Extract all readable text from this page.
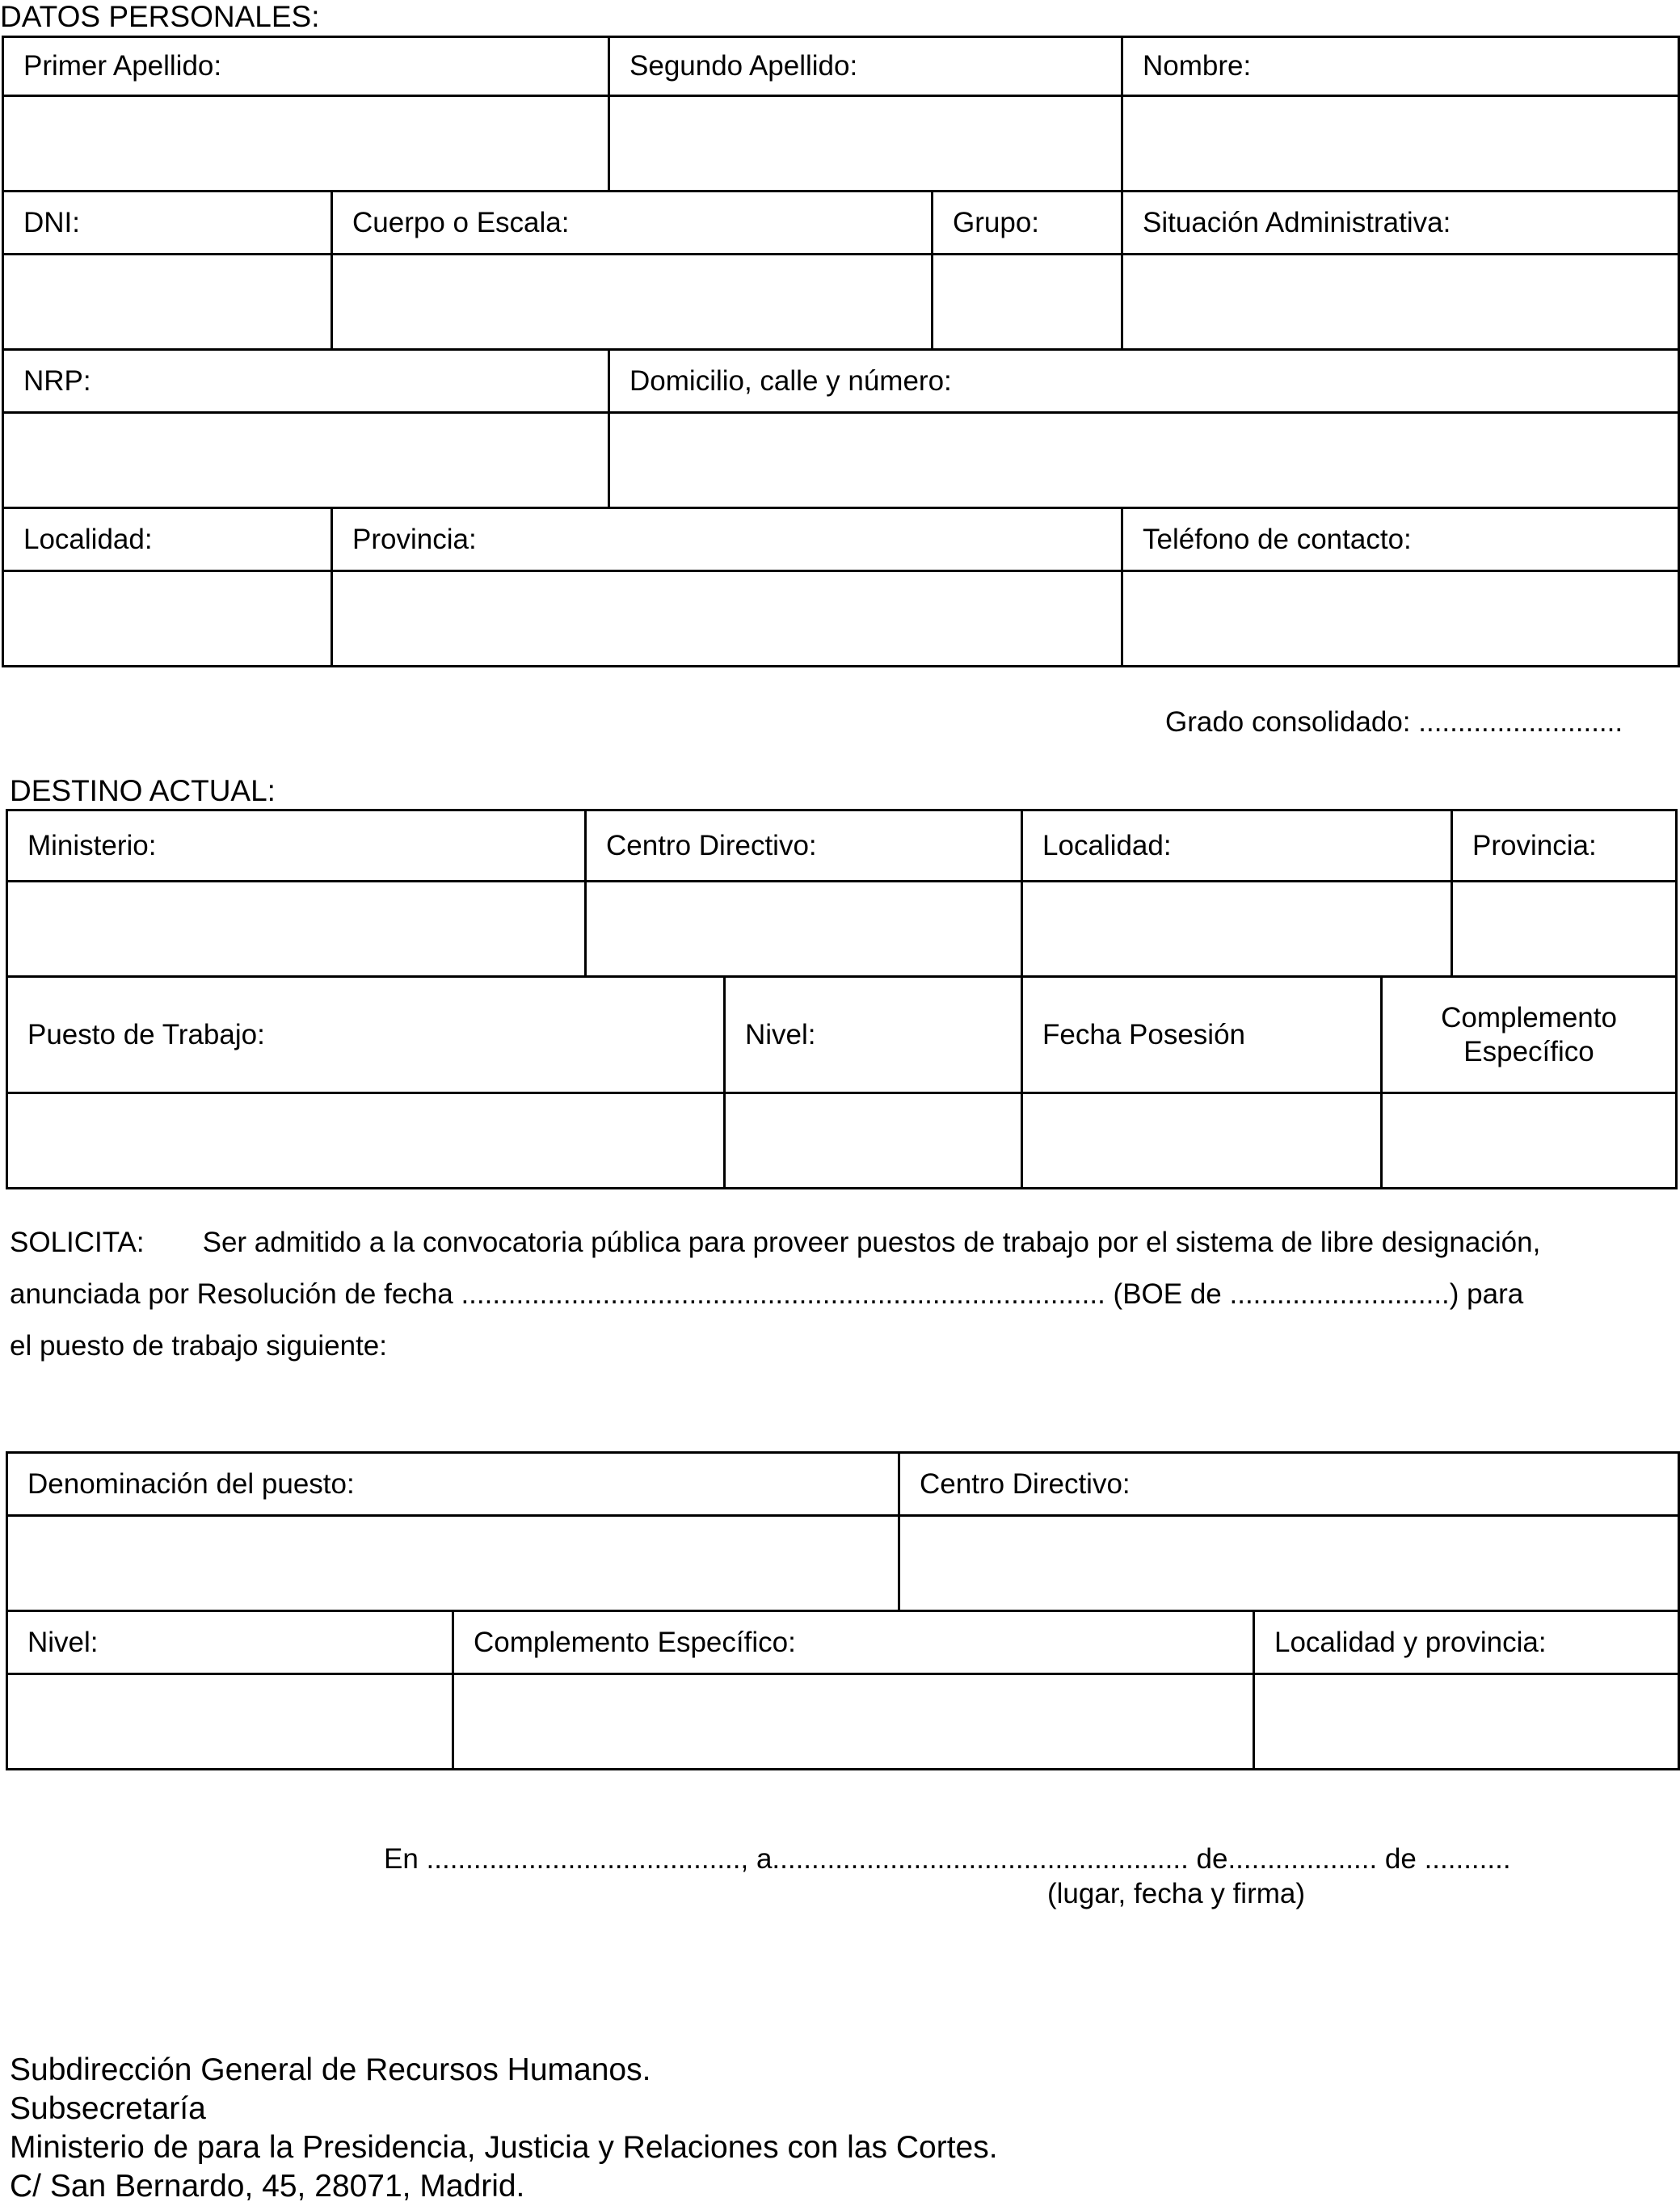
DATOS PERSONALES:
Primer Apellido:		Segundo Apellido:		Nombre:

DNI:	Cuerpo o Escala:		Grupo:	Situación Administrativa:

NRP:		Domicilio, calle y número:		

Localidad:	Provincia:			Teléfono de contacto:

Grado consolidado: ..........................
DESTINO ACTUAL:
Ministerio:	Centro Directivo:		Localidad:		Provincia:

Puesto de Trabajo:		Nivel:	Fecha Posesión	Complemento
Específico	

SOLICITA: Ser admitido a la convocatoria pública para proveer puestos de trabajo por el sistema de libre designación,
anunciada por Resolución de fecha .................................................................................. (BOE de ............................) para
el puesto de trabajo siguiente:
Denominación del puesto:		Centro Directivo:	

Nivel:	Complemento Específico:		Localidad y provincia:

En ........................................, a..................................................... de................... de ...........
(lugar, fecha y firma)
Subdirección General de Recursos Humanos.
Subsecretaría
Ministerio de para la Presidencia, Justicia y Relaciones con las Cortes.
C/ San Bernardo, 45, 28071, Madrid.
